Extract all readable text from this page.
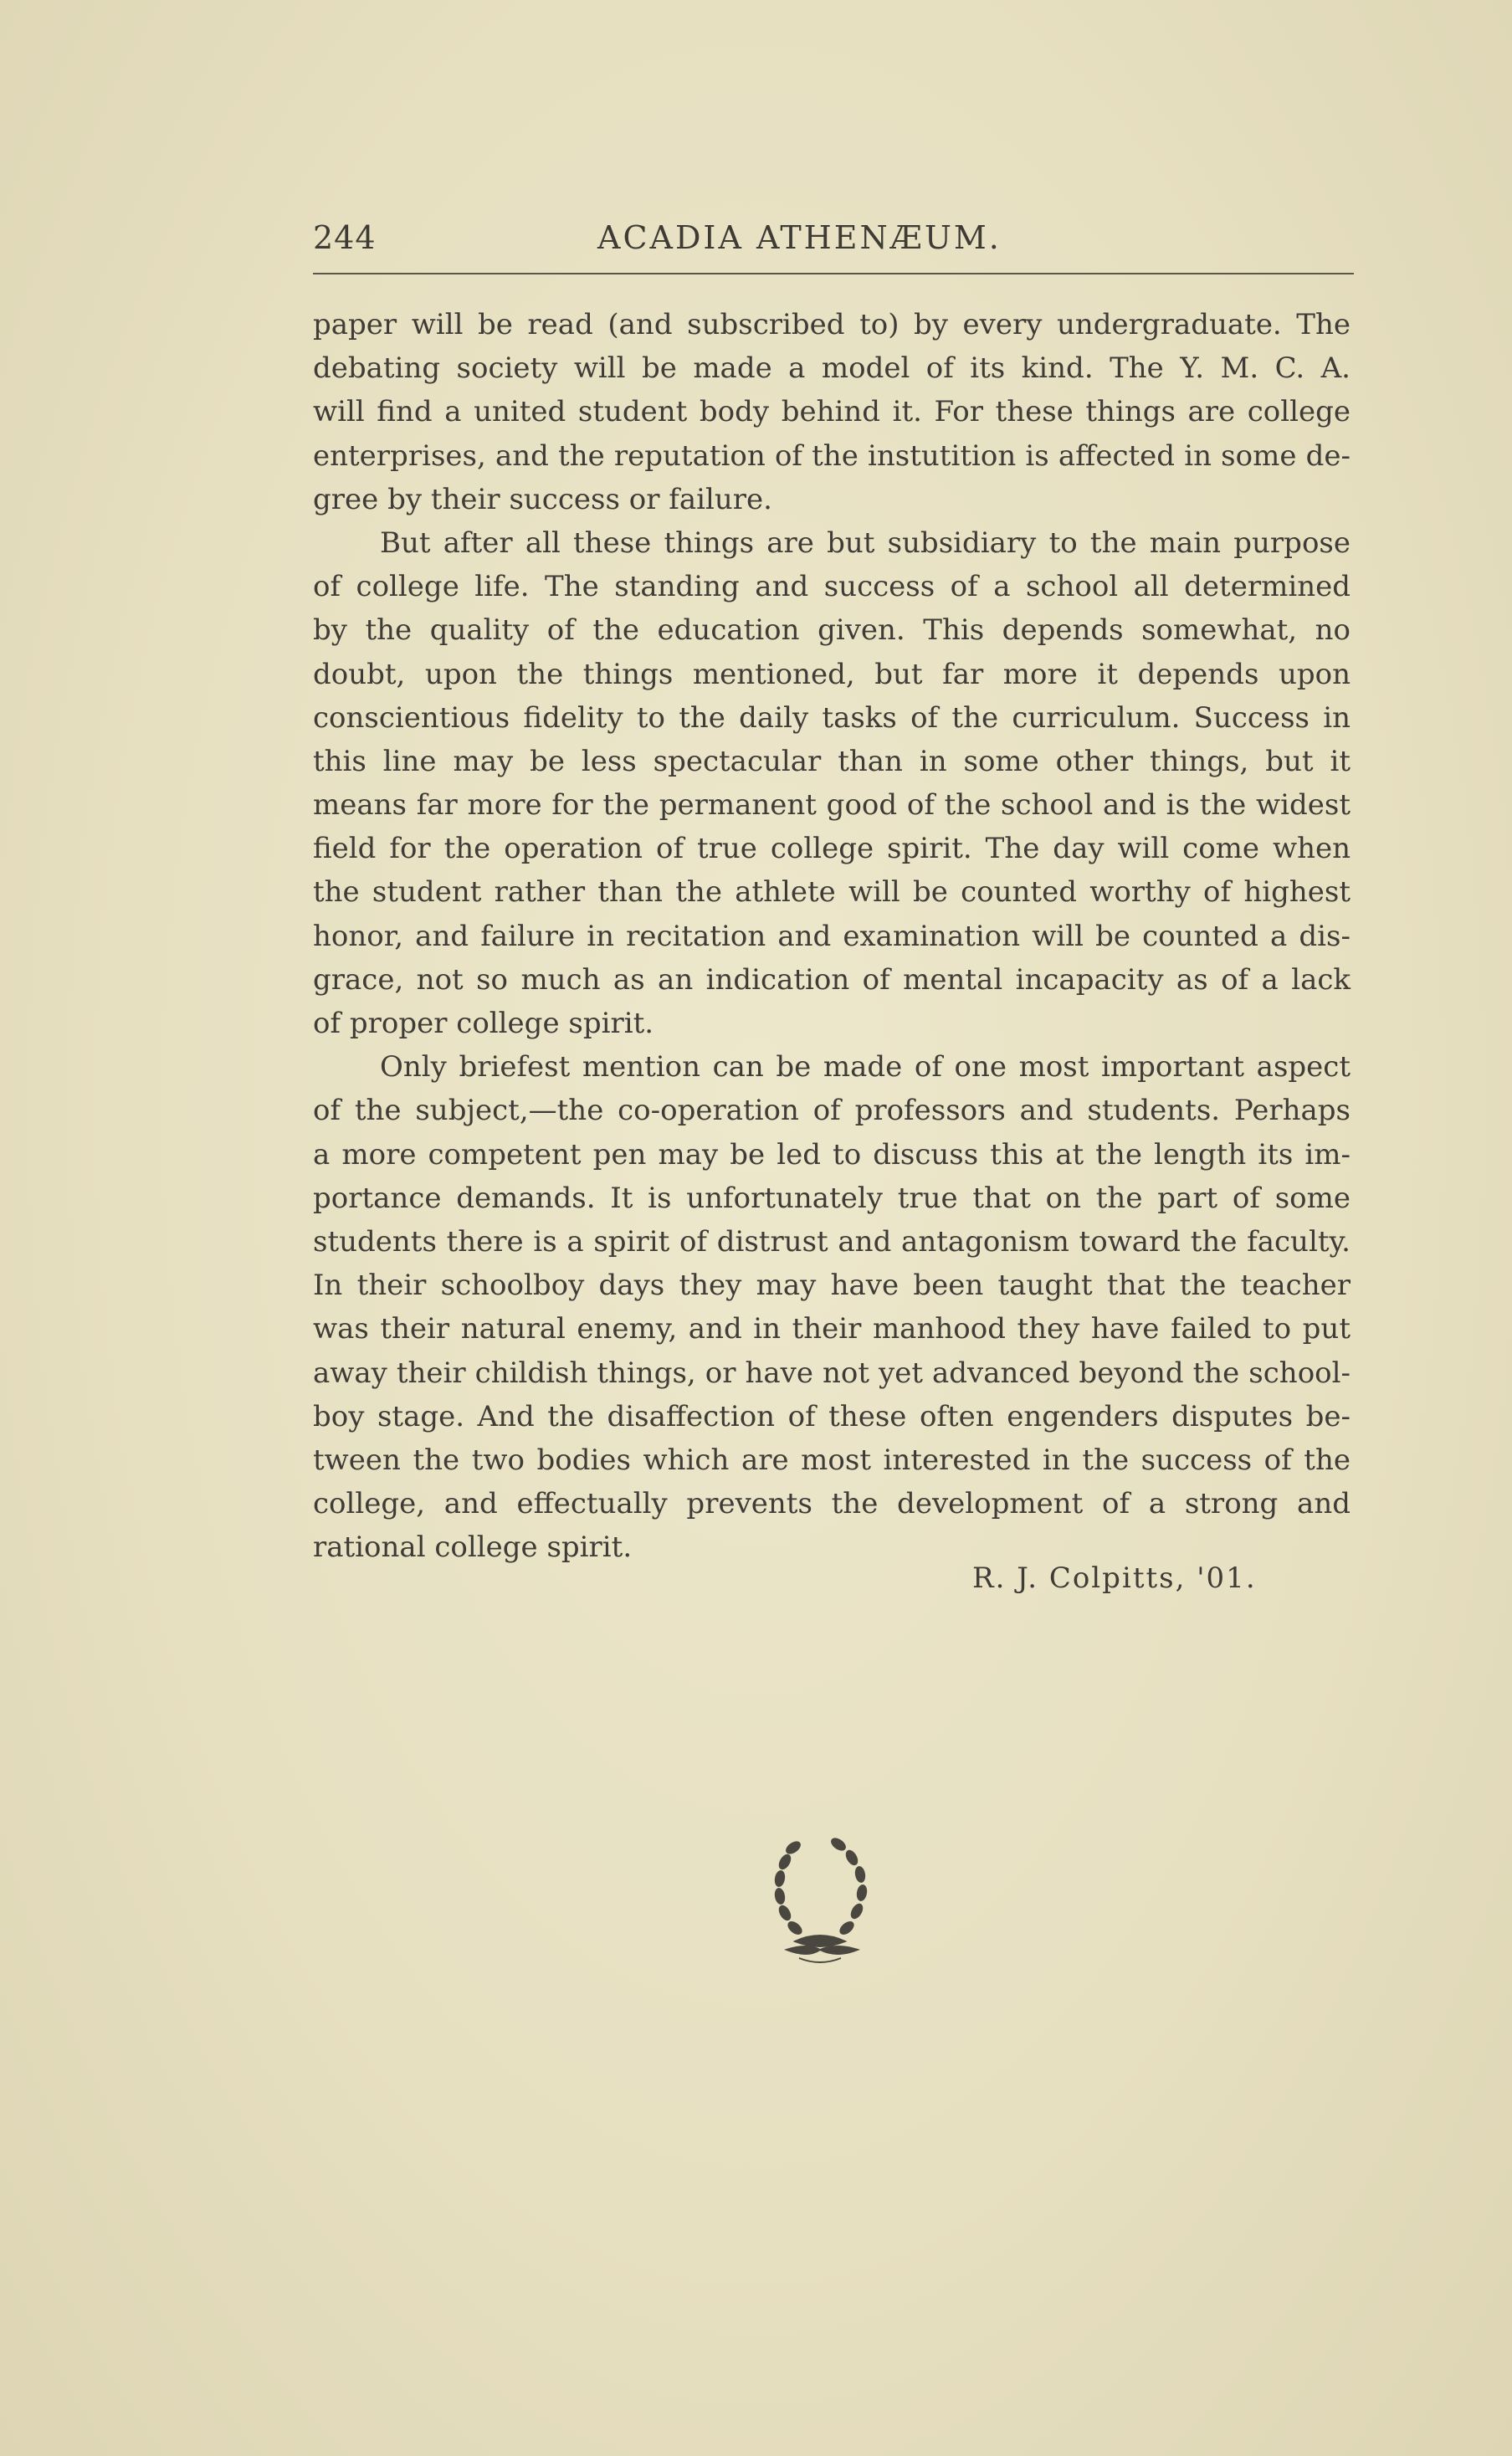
244	ACADIA ATHENÆUM.
paper will be read (and subscribed to) by every undergraduate. The
debating society will be made a model of its kind. The Y. M. C. A.
will find a united student body behind it. For these things are college
enterprises, and the reputation of the instutition is affected in some de-
gree by their success or failure.
But after all these things are but subsidiary to the main purpose
of college life. The standing and success of a school all determined
by the quality of the education given. This depends somewhat, no
doubt, upon the things mentioned, but far more it depends upon
conscientious fidelity to the daily tasks of the curriculum. Success in
this line may be less spectacular than in some other things, but it
means far more for the permanent good of the school and is the widest
field for the operation of true college spirit. The day will come when
the student rather than the athlete will be counted worthy of highest
honor, and failure in recitation and examination will be counted a dis-
grace, not so much as an indication of mental incapacity as of a lack
of proper college spirit.
Only briefest mention can be made of one most important aspect
of the subject,—the co-operation of professors and students. Perhaps
a more competent pen may be led to discuss this at the length its im-
portance demands. It is unfortunately true that on the part of some
students there is a spirit of distrust and antagonism toward the faculty.
In their schoolboy days they may have been taught that the teacher
was their natural enemy, and in their manhood they have failed to put
away their childish things, or have not yet advanced beyond the school-
boy stage. And the disaffection of these often engenders disputes be-
tween the two bodies which are most interested in the success of the
college, and effectually prevents the development of a strong and
rational college spirit.
R. J. Colpitts, '01.
